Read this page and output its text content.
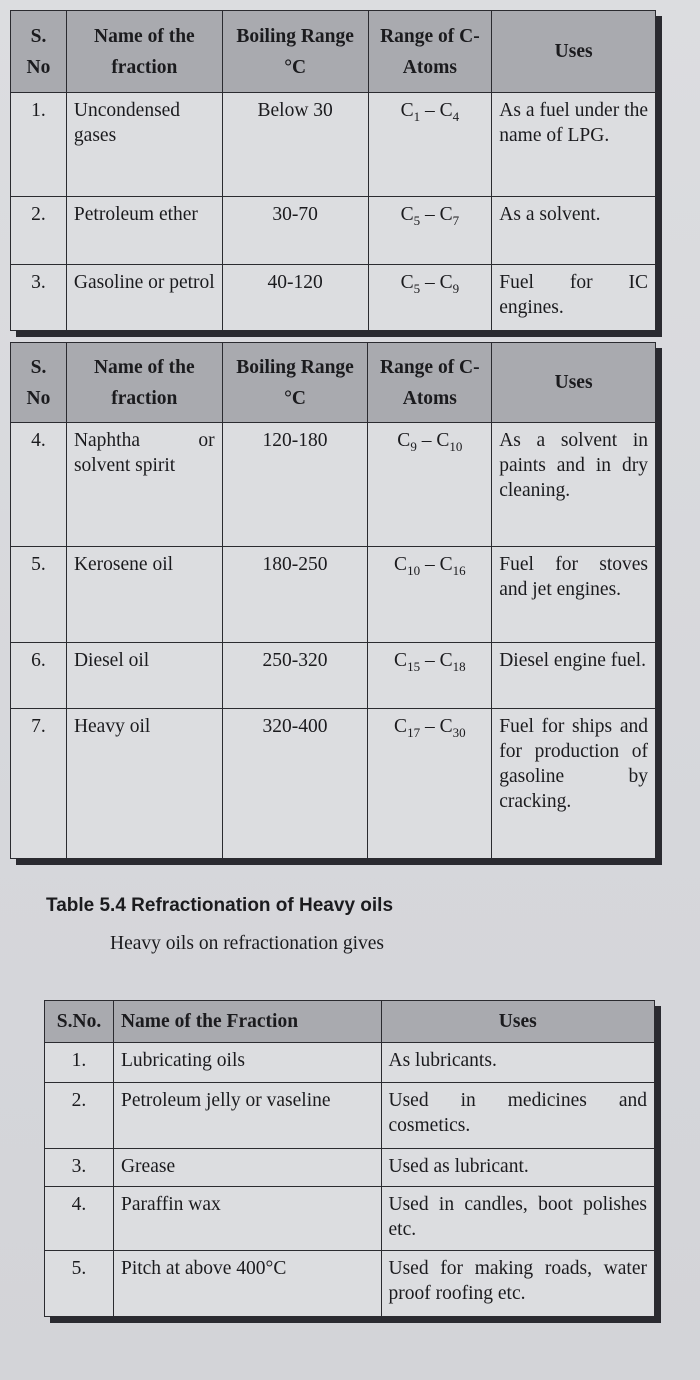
S. No	Name of the fraction	Boiling Range °C	Range of C-Atoms	Uses
1.	Uncondensed gases	Below 30	$C_1 - C_4$	As a fuel under the name of LPG.
2.	Petroleum ether	30-70	$C_5 - C_7$	As a solvent.
3.	Gasoline or petrol	40-120	$C_5 - C_9$	Fuel for IC engines.
S. No	Name of the fraction	Boiling Range °C	Range of C-Atoms	Uses
4.	Naphtha or solvent spirit	120-180	$C_9 - C_{10}$	As a solvent in paints and in dry cleaning.
5.	Kerosene oil	180-250	$C_{10} - C_{16}$	Fuel for stoves and jet engines.
6.	Diesel oil	250-320	$C_{15} - C_{18}$	Diesel engine fuel.
7.	Heavy oil	320-400	$C_{17} - C_{30}$	Fuel for ships and for production of gasoline by cracking.
Table 5.4 Refractionation of Heavy oils
Heavy oils on refractionation gives
S.No.	Name of the Fraction	Uses
1.	Lubricating oils	As lubricants.
2.	Petroleum jelly or vaseline	Used in medicines and cosmetics.
3.	Grease	Used as lubricant.
4.	Paraffin wax	Used in candles, boot polishes etc.
5.	Pitch at above 400°C	Used for making roads, water proof roofing etc.
